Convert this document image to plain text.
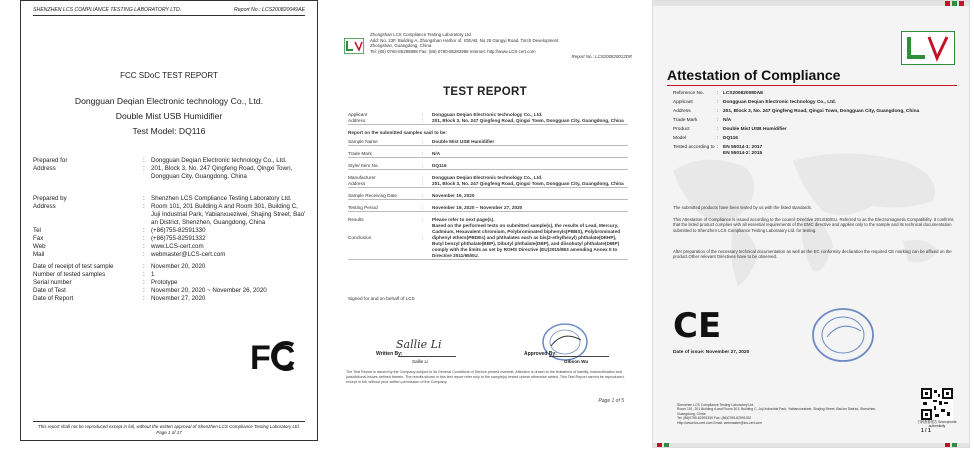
SHENZHEN LCS COMPLIANCE TESTING LABORATORY LTD.	Report No.: LCS200820049AE
FCC SDoC TEST REPORT
Dongguan Deqian Electronic technology Co., Ltd.
Double Mist USB Humidifier
Test Model: DQ116
Prepared for	:	Dongguan Deqian Electronic technology Co., Ltd.
Address	:	201, Block 3, No. 247 Qingfeng Road, Qingxi Town, Dongguan City, Guangdong, China
Prepared by	:	Shenzhen LCS Compliance Testing Laboratory Ltd.
Address	:	Room 101, 201 Building A and Room 301, Building C, Juji Industrial Park, Yabianxueziwei, Shajing Street, Bao' an District, Shenzhen, Guangdong, China
Tel	:	(+86)755-82591330
Fax	:	(+86)755-82591332
Web	:	www.LCS-cert.com
Mail	:	webmaster@LCS-cert.com
Date of receipt of test sample	:	November 20, 2020
Number of tested samples	:	1
Serial number	:	Prototype
Date of Test	:	November 20, 2020 ~ November 26, 2020
Date of Report	:	November 27, 2020
FC
This report shall not be reproduced except in full, without the written approval of Shenzhen LCS Compliance Testing Laboratory Ltd.
Page 1 of 17
Zhongshan LCS Compliance Testing Laboratory Ltd.
Add: No. 23F, Building A, Zhongshan Harbor of, IOEAB, No 25 Gangyi Road, Torch Development
Zhongshan, Guangdong, China
Tel: (86) 0760-85285888 Fax: (86) 0760-85282988 Internet: http://www.LCS-cert.com
Report No.: LCS200820012DR
TEST REPORT
Applicant	:	Dongguan Deqian Electronic technology Co., Ltd.
Address	:	201, Block 3, No. 247 Qingfeng Road, Qingxi Town, Dongguan City, Guangdong, China
Report on the submitted samples said to be:
Sample Name	:	Double Mist USB Humidifier
Trade Mark	:	N/A
Style/ Item No.	:	DQ116
Manufacturer	:	Dongguan Deqian Electronic technology Co., Ltd.
Address	:	201, Block 3, No. 247 Qingfeng Road, Qingxi Town, Dongguan City, Guangdong, China
Sample Receiving Date	:	November 19, 2020
Testing Period	:	November 19, 2020 ~ November 27, 2020
Results	:	Please refer to next page(s).
Conclusion	:
Based on the performed tests on submitted sample(s), the results of Lead, Mercury, Cadmium, Hexavalent chromium, Polybrominated biphenyls(PBBS), Polybrominated diphenyl ethers(PBDEs) and phthalates such as bis(2-ethylhexyl) phthalate(DEHP), Butyl benzyl phthalate(BBP), Dibutyl phthalate(DBP), and diisobutyl phthalate(DIBP) comply with the limits as set by ROHS Directive (EU)2015/863 amending Annex II to Directive 2011/65/EU.
Signed for and on behalf of LCS
Sallie Li
Written By:
Sallie Li
Approved By:
Gibson Wu
The Test Report is issued by the Company subject to its General Conditions of Service printed overleaf. Attention is drawn to the limitations of liability, indemnification and jurisdictional issues defined therein. The results shown in this test report refer only to the sample(s) tested unless otherwise stated. This Test Report cannot be reproduced, except in full, without prior written permission of the Company.
Page 1 of 5
Attestation of Compliance
Reference No.	: LCS200820080AE
Applicant	: Dongguan Deqian Electronic technology Co., Ltd.
Address	: 201, Block 3, No. 247 Qingfeng Road, Qingxi Town, Dongguan City, Guangdong, China
Trade Mark	: N/A
Product	: Double Mist USB Humidifier
Model	: DQ116
Tested according to : EN 55014-1: 2017
EN 55014-2: 2015
The submitted products have been tested by us with the listed standards.
This Attestation of Compliance is issued according to the council Directive 2014/30/EU. Referred to as the Electromagnetic Compatibility. It confirms that the listed product complies with all essential requirements of the EMC directive and applies only to the sample and its technical documentation submitted to Shenzhen LCS Compliance Testing Laboratory Ltd. for testing.
After preparation of the necessary technical documentation as well as the EC conformity declaration the required CE marking can be affixed on the product.Other relevant Directives have to be observed.
CE
Date of issue: November 27, 2020
Shenzhen LCS Compliance Testing Laboratory Ltd.
Room 101, 201 Building A and Room 301, Building C, Juji Industrial Park, Yabianxueziwei, Shajing Street, Bao'an District, Shenzhen, Guangdong, China
Tel: (86)0755-82591330 Fax: (86)0755-82591332
Http://www.lcs-cert.com Email: webmaster@lcs-cert.com	扫码查看报告 Scan qrcode authenticity
1 / 1
